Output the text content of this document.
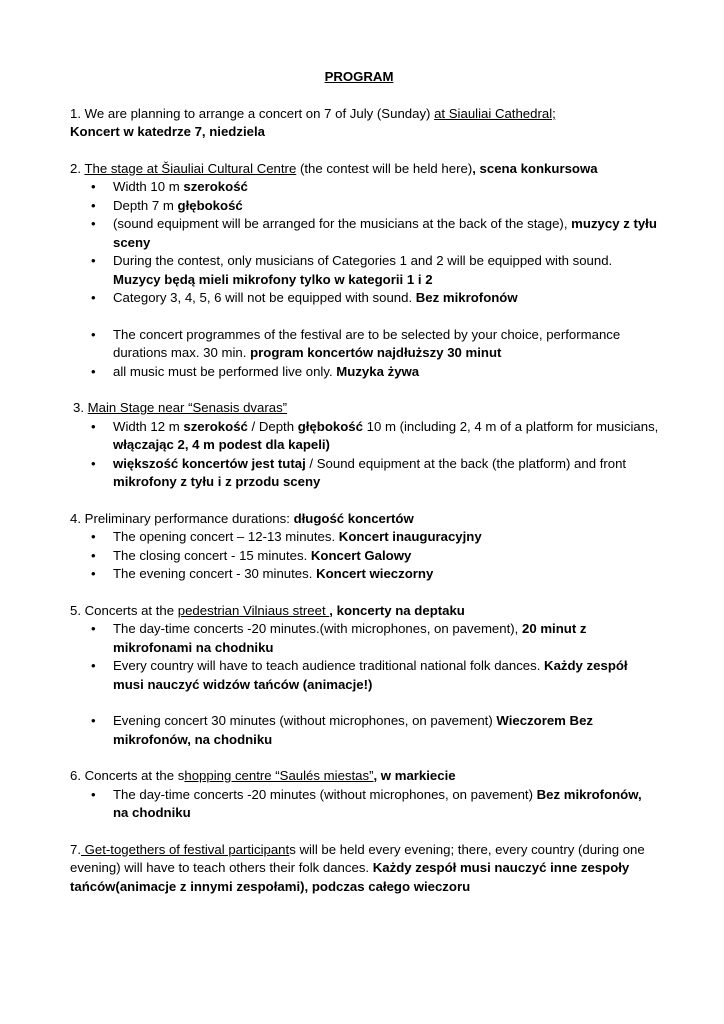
PROGRAM

1. We are planning to arrange a concert on 7 of July (Sunday) at Siauliai Cathedral;

Koncert w katedrze 7, niedziela

2. The stage at Šiauliai Cultural Centre (the contest will be held here), scena konkursowa

• Width 10 m szerokość
• Depth 7 m głębokość
• (sound equipment will be arranged for the musicians at the back of the stage), muzycy z tyłu sceny
• During the contest, only musicians of Categories 1 and 2 will be equipped with sound. Muzycy będą mieli mikrofony tylko w kategorii 1 i 2
• Category 3, 4, 5, 6 will not be equipped with sound. Bez mikrofonów
• The concert programmes of the festival are to be selected by your choice, performance durations max. 30 min. program koncertów najdłuższy 30 minut
• all music must be performed live only. Muzyka żywa

3. Main Stage near “Senasis dvaras”

• Width 12 m szerokość / Depth głębokość 10 m (including 2, 4 m of a platform for musicians, włączając 2, 4 m podest dla kapeli)
• większość koncertów jest tutaj / Sound equipment at the back (the platform) and front mikrofony z tyłu i z przodu sceny

4. Preliminary performance durations: długość koncertów

• The opening concert – 12-13 minutes. Koncert inauguracyjny
• The closing concert - 15 minutes. Koncert Galowy
• The evening concert - 30 minutes. Koncert wieczorny

5. Concerts at the pedestrian Vilniaus street , koncerty na deptaku

• The day-time concerts -20 minutes.(with microphones, on pavement), 20 minut z mikrofonami na chodniku
• Every country will have to teach audience traditional national folk dances. Każdy zespół musi nauczyć widzów tańców (animacje!)
• Evening concert 30 minutes (without microphones, on pavement) Wieczorem Bez mikrofonów, na chodniku

6. Concerts at the shopping centre “Saulés miestas”, w markiecie

• The day-time concerts -20 minutes (without microphones, on pavement) Bez mikrofonów, na chodniku

7. Get-togethers of festival participants will be held every evening; there, every country (during one evening) will have to teach others their folk dances. Każdy zespół musi nauczyć inne zespoły tańców(animacje z innymi zespołami), podczas całego wieczoru
